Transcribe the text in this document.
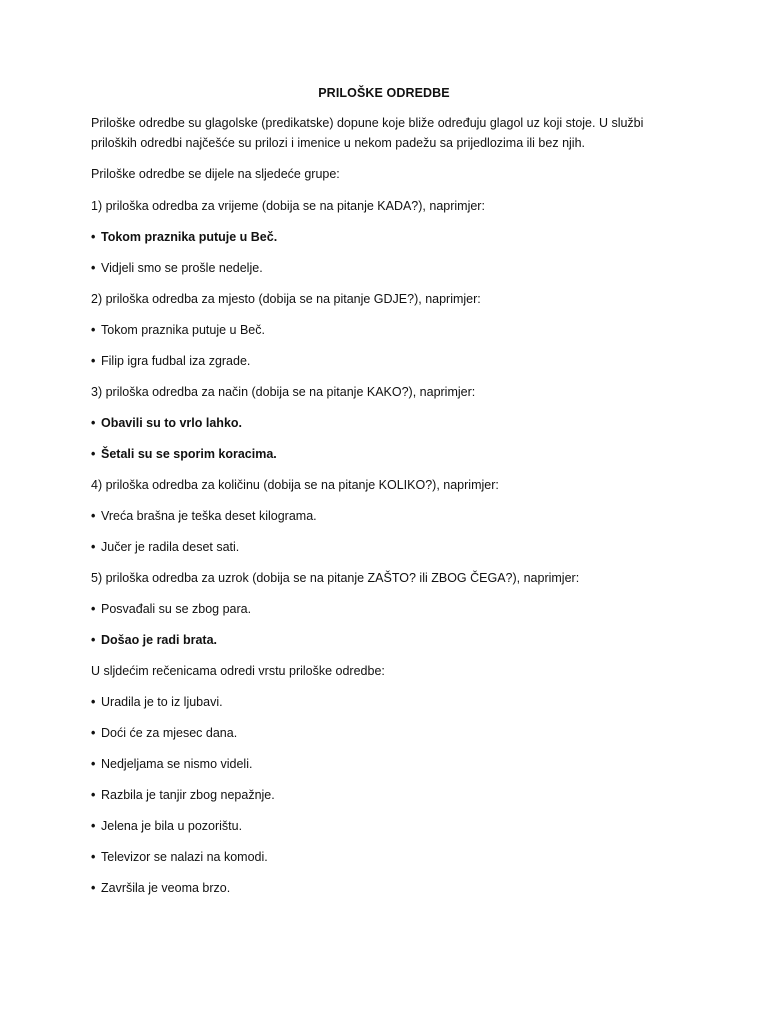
PRILOŠKE ODREDBE
Priloške odredbe su glagolske (predikatske) dopune koje bliže određuju glagol uz koji stoje. U službi
priloških odredbi najčešće su prilozi i imenice u nekom padežu sa prijedlozima ili bez njih.
Priloške odredbe se dijele na sljedeće grupe:
1) priloška odredba za vrijeme (dobija se na pitanje KADA?), naprimjer:
• Tokom praznika putuje u Beč.
• Vidjeli smo se prošle nedelje.
2) priloška odredba za mjesto (dobija se na pitanje GDJE?), naprimjer:
• Tokom praznika putuje u Beč.
• Filip igra fudbal iza zgrade.
3) priloška odredba za način (dobija se na pitanje KAKO?), naprimjer:
• Obavili su to vrlo lahko.
• Šetali su se sporim koracima.
4) priloška odredba za količinu (dobija se na pitanje KOLIKO?), naprimjer:
• Vreća brašna je teška deset kilograma.
• Jučer je radila deset sati.
5) priloška odredba za uzrok (dobija se na pitanje ZAŠTO? ili ZBOG ČEGA?), naprimjer:
• Posvađali su se zbog para.
• Došao je radi brata.
U sljdećim rečenicama odredi vrstu priloške odredbe:
• Uradila je to iz ljubavi.
• Doći će za mjesec dana.
• Nedjeljama se nismo videli.
• Razbila je tanjir zbog nepažnje.
• Jelena je bila u pozorištu.
• Televizor se nalazi na komodi.
• Završila je veoma brzo.
